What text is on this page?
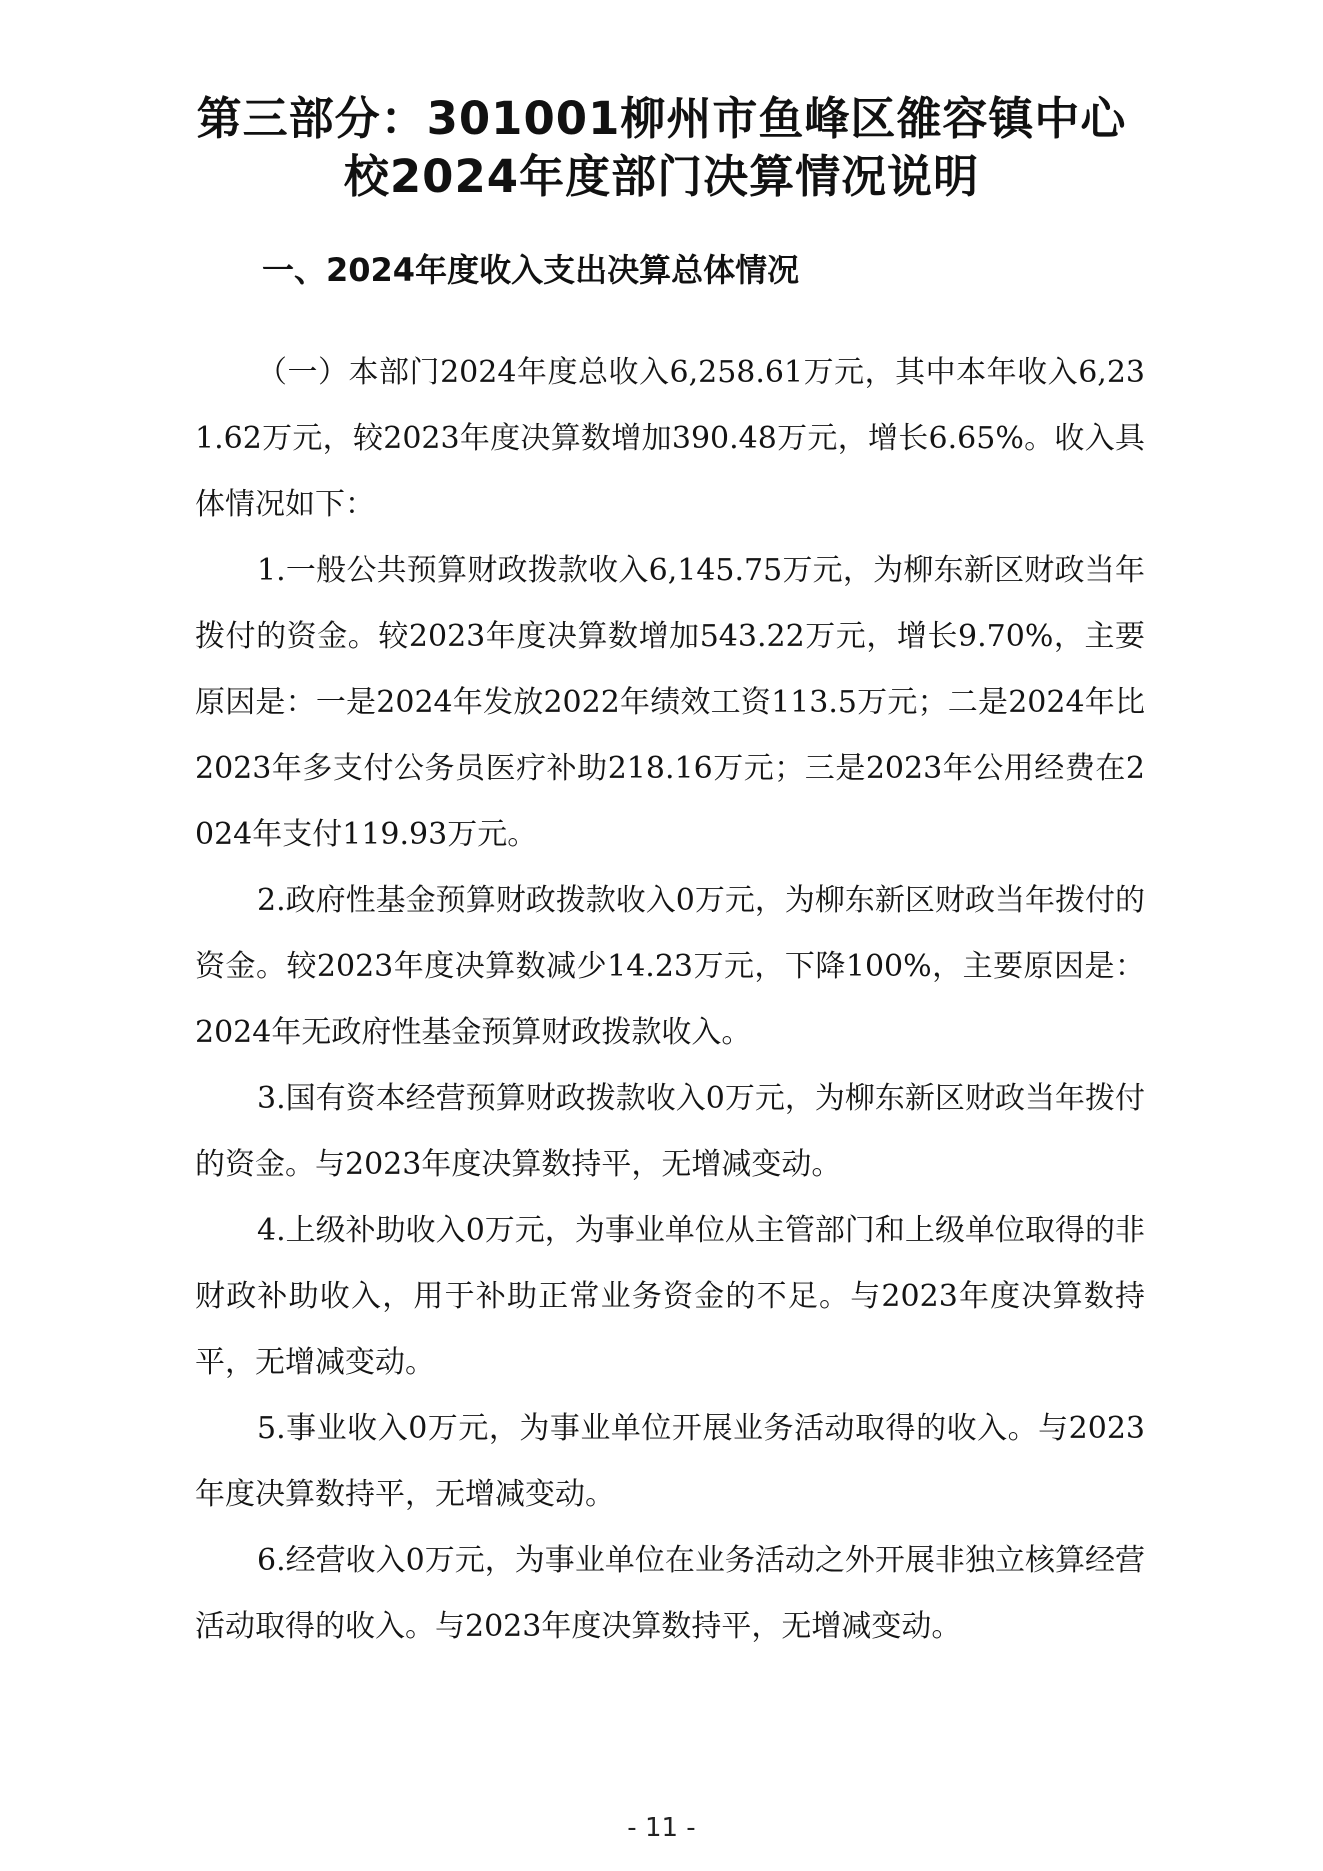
第三部分：301001柳州市鱼峰区雒容镇中心
校2024年度部门决算情况说明
一、2024年度收入支出决算总体情况

（一）本部门2024年度总收入6,258.61万元，其中本年收入6,231.62万元，较2023年度决算数增加390.48万元，增长6.65%。收入具体情况如下：

1.一般公共预算财政拨款收入6,145.75万元，为柳东新区财政当年拨付的资金。较2023年度决算数增加543.22万元，增长9.70%，主要原因是：一是2024年发放2022年绩效工资113.5万元；二是2024年比2023年多支付公务员医疗补助218.16万元；三是2023年公用经费在2024年支付119.93万元。

2.政府性基金预算财政拨款收入0万元，为柳东新区财政当年拨付的资金。较2023年度决算数减少14.23万元，下降100%，主要原因是：2024年无政府性基金预算财政拨款收入。

3.国有资本经营预算财政拨款收入0万元，为柳东新区财政当年拨付的资金。与2023年度决算数持平，无增减变动。

4.上级补助收入0万元，为事业单位从主管部门和上级单位取得的非财政补助收入，用于补助正常业务资金的不足。与2023年度决算数持平，无增减变动。

5.事业收入0万元，为事业单位开展业务活动取得的收入。与2023年度决算数持平，无增减变动。

6.经营收入0万元，为事业单位在业务活动之外开展非独立核算经营活动取得的收入。与2023年度决算数持平，无增减变动。

- 11 -
